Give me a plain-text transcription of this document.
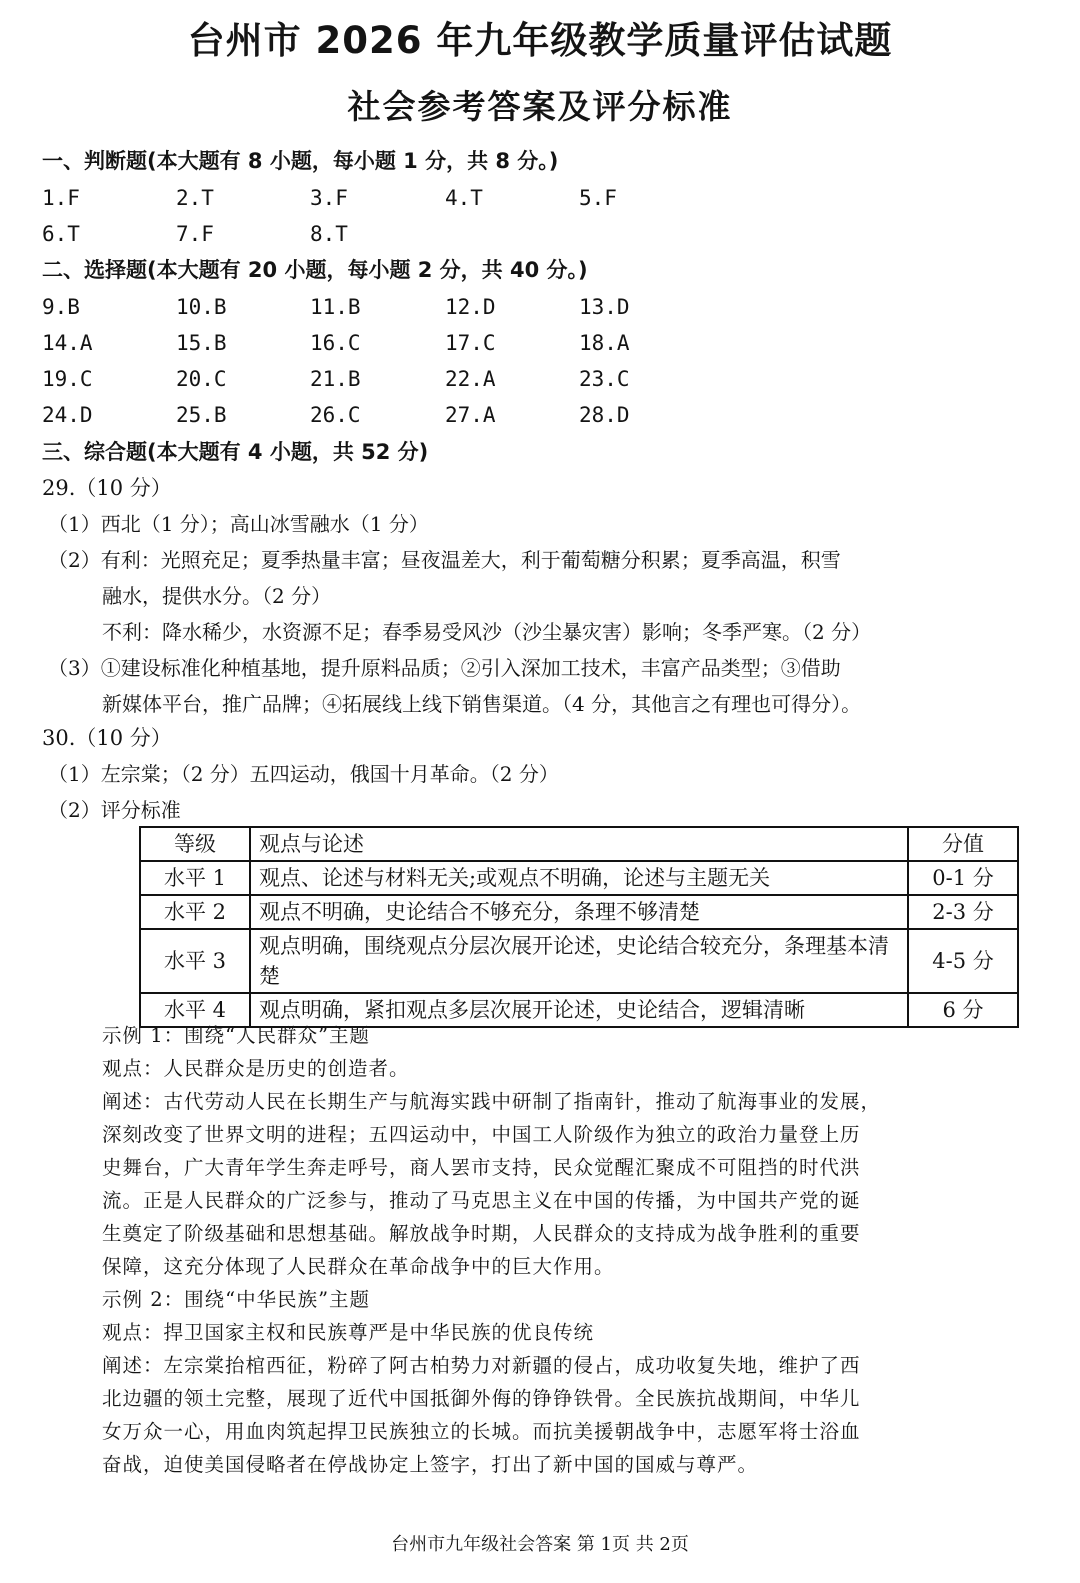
台州市 2026 年九年级教学质量评估试题
社会参考答案及评分标准
一、判断题(本大题有 8 小题，每小题 1 分，共 8 分。)
1.F	2.T	3.F	4.T	5.F
6.T	7.F	8.T
二、选择题(本大题有 20 小题，每小题 2 分，共 40 分。)
9.B	10.B	11.B	12.D	13.D
14.A	15.B	16.C	17.C	18.A
19.C	20.C	21.B	22.A	23.C
24.D	25.B	26.C	27.A	28.D
三、综合题(本大题有 4 小题，共 52 分)
29.（10 分）
（1）西北（1 分）；高山冰雪融水（1 分）
（2）有利：光照充足；夏季热量丰富；昼夜温差大，利于葡萄糖分积累；夏季高温，积雪
融水，提供水分。（2 分）
不利：降水稀少，水资源不足；春季易受风沙（沙尘暴灾害）影响；冬季严寒。（2 分）
（3）①建设标准化种植基地，提升原料品质；②引入深加工技术，丰富产品类型；③借助
新媒体平台，推广品牌；④拓展线上线下销售渠道。（4 分，其他言之有理也可得分）。
30.（10 分）
（1）左宗棠；（2 分）五四运动，俄国十月革命。（2 分）
（2）评分标准
等级	观点与论述	分值
水平 1	观点、论述与材料无关;或观点不明确，论述与主题无关	0-1 分
水平 2	观点不明确，史论结合不够充分，条理不够清楚	2-3 分
水平 3	观点明确，围绕观点分层次展开论述，史论结合较充分，条理基本清楚	4-5 分
水平 4	观点明确，紧扣观点多层次展开论述，史论结合，逻辑清晰	6 分
示例 1：围绕“人民群众”主题
观点：人民群众是历史的创造者。
阐述：古代劳动人民在长期生产与航海实践中研制了指南针，推动了航海事业的发展，
深刻改变了世界文明的进程；五四运动中，中国工人阶级作为独立的政治力量登上历
史舞台，广大青年学生奔走呼号，商人罢市支持，民众觉醒汇聚成不可阻挡的时代洪
流。正是人民群众的广泛参与，推动了马克思主义在中国的传播，为中国共产党的诞
生奠定了阶级基础和思想基础。解放战争时期，人民群众的支持成为战争胜利的重要
保障，这充分体现了人民群众在革命战争中的巨大作用。
示例 2：围绕“中华民族”主题
观点：捍卫国家主权和民族尊严是中华民族的优良传统
阐述：左宗棠抬棺西征，粉碎了阿古柏势力对新疆的侵占，成功收复失地，维护了西
北边疆的领土完整，展现了近代中国抵御外侮的铮铮铁骨。全民族抗战期间，中华儿
女万众一心，用血肉筑起捍卫民族独立的长城。而抗美援朝战争中，志愿军将士浴血
奋战，迫使美国侵略者在停战协定上签字，打出了新中国的国威与尊严。
台州市九年级社会答案 第 1页 共 2页
